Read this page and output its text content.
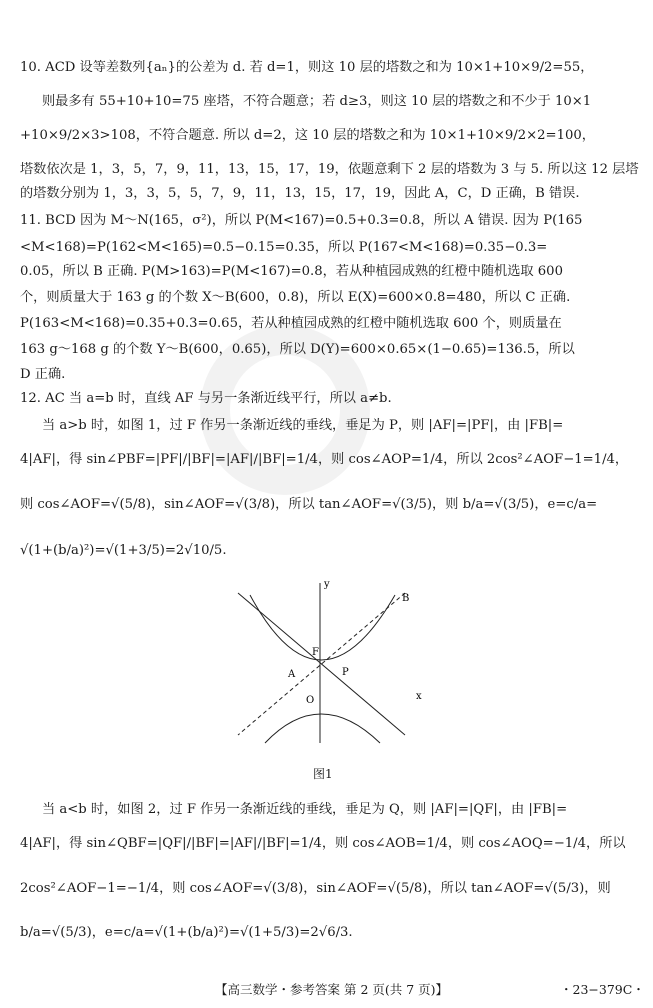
10. ACD 设等差数列{aₙ}的公差为 d. 若 d=1，则这 10 层的塔数之和为 10×1+10×9/2=55，
则最多有 55+10+10=75 座塔，不符合题意；若 d≥3，则这 10 层的塔数之和不少于 10×1
+10×9/2×3>108，不符合题意. 所以 d=2，这 10 层的塔数之和为 10×1+10×9/2×2=100，
塔数依次是 1，3，5，7，9，11，13，15，17，19，依题意剩下 2 层的塔数为 3 与 5. 所以这 12 层塔
的塔数分别为 1，3，3，5，5，7，9，11，13，15，17，19，因此 A，C，D 正确，B 错误.
11. BCD 因为 M～N(165，σ²)，所以 P(M<167)=0.5+0.3=0.8，所以 A 错误. 因为 P(165
<M<168)=P(162<M<165)=0.5−0.15=0.35，所以 P(167<M<168)=0.35−0.3=
0.05，所以 B 正确. P(M>163)=P(M<167)=0.8，若从种植园成熟的红橙中随机选取 600
个，则质量大于 163 g 的个数 X～B(600，0.8)，所以 E(X)=600×0.8=480，所以 C 正确.
P(163<M<168)=0.35+0.3=0.65，若从种植园成熟的红橙中随机选取 600 个，则质量在
163 g～168 g 的个数 Y～B(600，0.65)，所以 D(Y)=600×0.65×(1−0.65)=136.5，所以
D 正确.
12. AC 当 a=b 时，直线 AF 与另一条渐近线平行，所以 a≠b.
当 a>b 时，如图 1，过 F 作另一条渐近线的垂线，垂足为 P，则 |AF|=|PF|，由 |FB|=
4|AF|，得 sin∠PBF=|PF|/|BF|=|AF|/|BF|=1/4，则 cos∠AOP=1/4，所以 2cos²∠AOF−1=1/4，
则 cos∠AOF=√(5/8)，sin∠AOF=√(3/8)，所以 tan∠AOF=√(3/5)，则 b/a=√(3/5)，e=c/a=
√(1+(b/a)²)=√(1+3/5)=2√10/5.
y
x
B
F
A	P
O
图1
当 a<b 时，如图 2，过 F 作另一条渐近线的垂线，垂足为 Q，则 |AF|=|QF|，由 |FB|=
4|AF|，得 sin∠QBF=|QF|/|BF|=|AF|/|BF|=1/4，则 cos∠AOB=1/4，则 cos∠AOQ=−1/4，所以
2cos²∠AOF−1=−1/4，则 cos∠AOF=√(3/8)，sin∠AOF=√(5/8)，所以 tan∠AOF=√(5/3)，则
b/a=√(5/3)，e=c/a=√(1+(b/a)²)=√(1+5/3)=2√6/3.
【高三数学・参考答案 第 2 页(共 7 页)】	・23−379C・
